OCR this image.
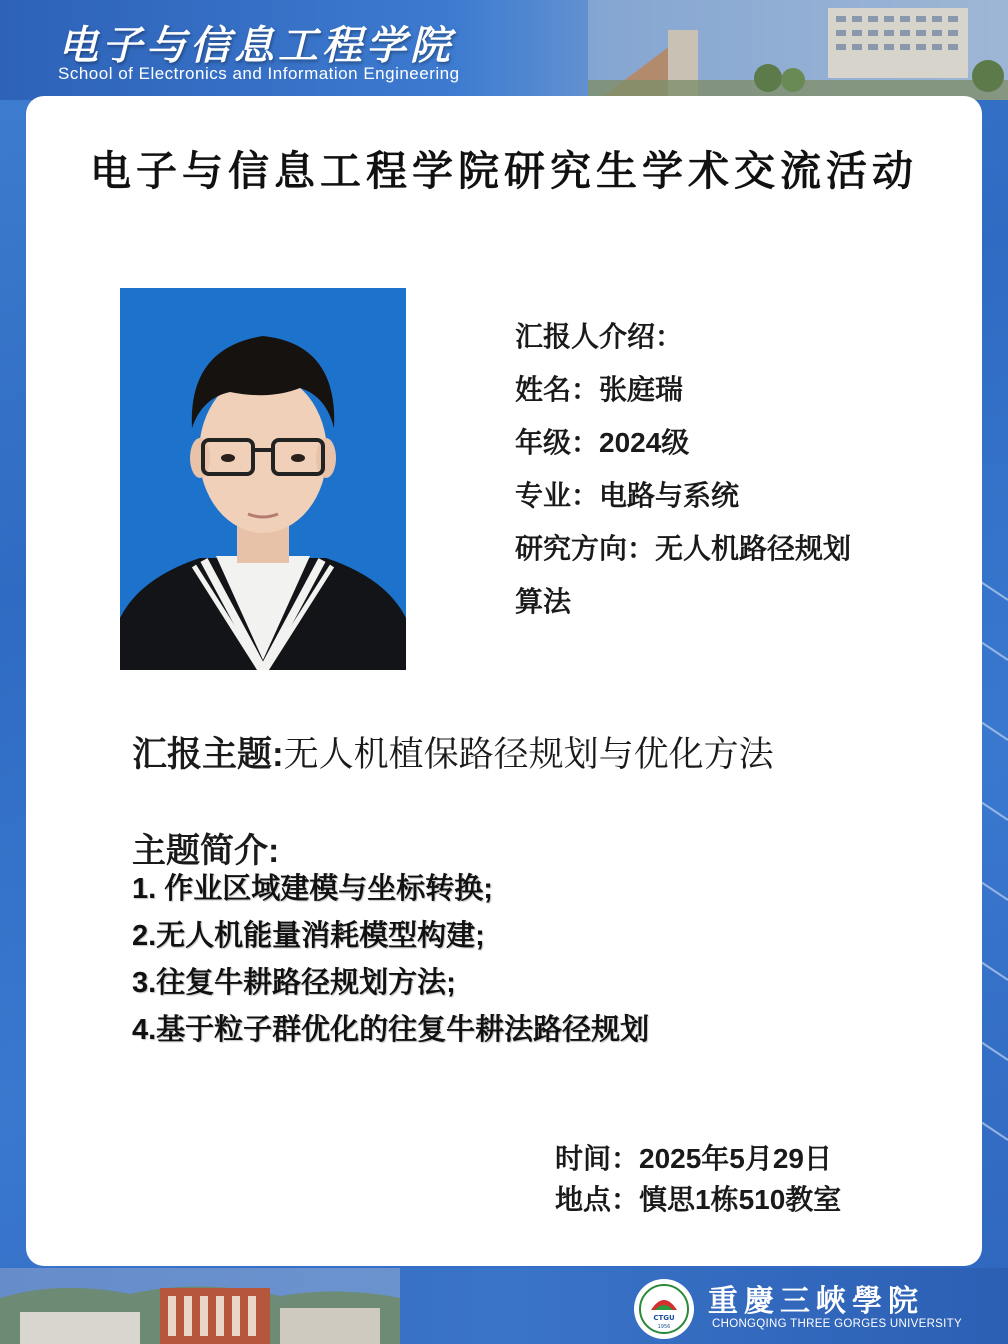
电子与信息工程学院
School of Electronics and Information Engineering
电子与信息工程学院研究生学术交流活动
汇报人介绍：
姓名：张庭瑞
年级：2024级
专业：电路与系统
研究方向：无人机路径规划
算法
汇报主题:无人机植保路径规划与优化方法
主题简介:
1. 作业区域建模与坐标转换;
2.无人机能量消耗模型构建;
3.往复牛耕路径规划方法;
4.基于粒子群优化的往复牛耕法路径规划
时间：2025年5月29日
地点：慎思1栋510教室
CTGU
1956
重慶三峽學院
CHONGQING THREE GORGES UNIVERSITY
